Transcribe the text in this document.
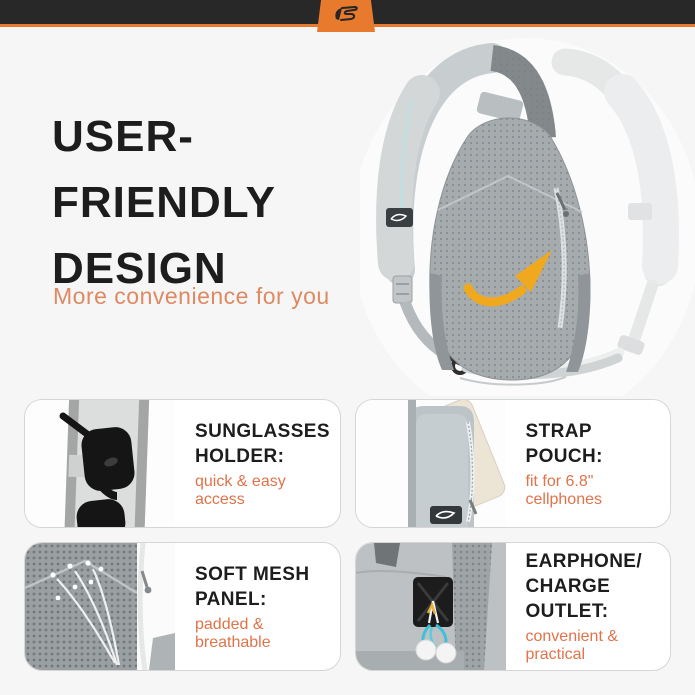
USER-
FRIENDLY
DESIGN
More convenience for you
SUNGLASSES
HOLDER:
quick & easy access
STRAP
POUCH:
fit for 6.8" cellphones
SOFT MESH
PANEL:
padded & breathable
EARPHONE/
CHARGE
OUTLET:
convenient & practical
